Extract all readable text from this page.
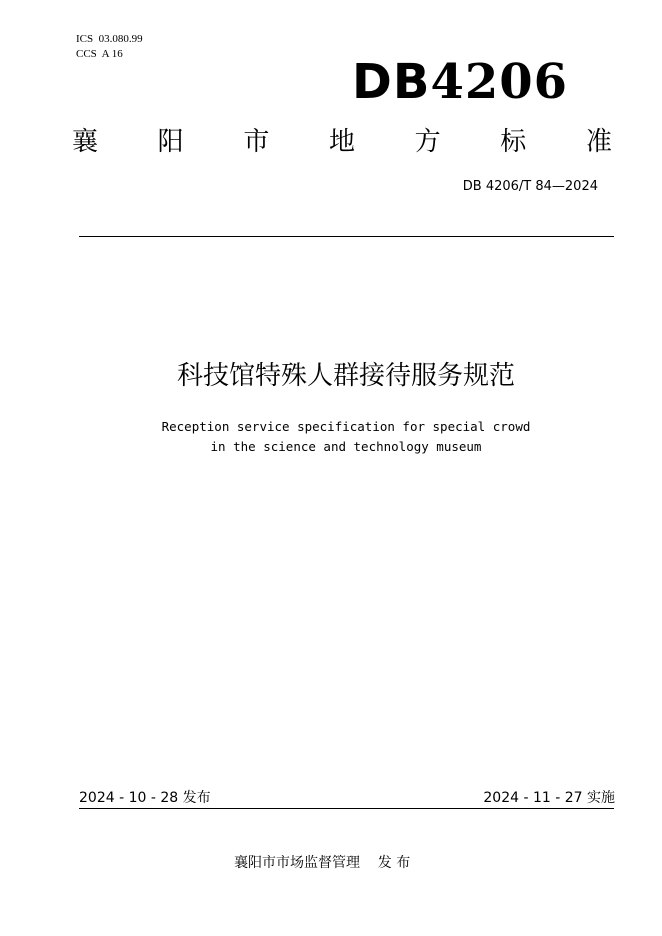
ICS  03.080.99
CCS  A 16	DB4206
襄 阳 市 地 方 标 准
DB 4206/T 84—2024
科技馆特殊人群接待服务规范
Reception service specification for special crowd
in the science and technology museum
2024 - 10 - 28 发布	2024 - 11 - 27 实施
襄阳市市场监督管理    发 布
